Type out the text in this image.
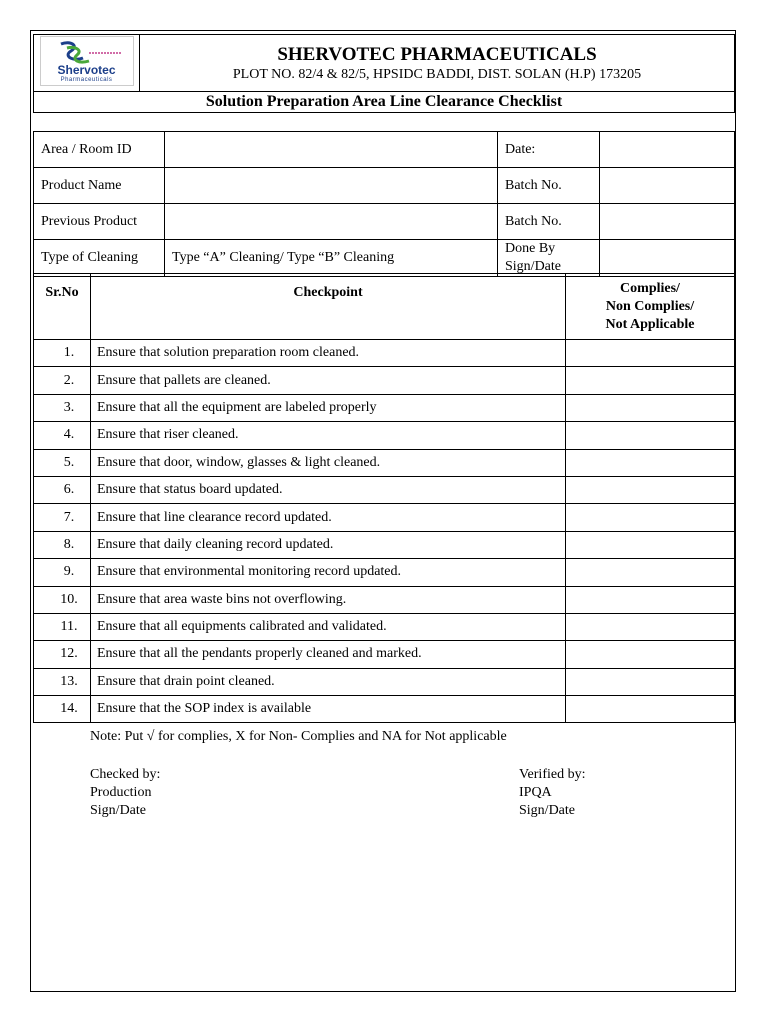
Shervotec
Pharmaceuticals

SHERVOTEC PHARMACEUTICALS
PLOT NO. 82/4 & 82/5, HPSIDC BADDI, DIST. SOLAN (H.P) 173205

Solution Preparation Area Line Clearance Checklist
Area / Room ID		Date:	
Product Name		Batch No.	
Previous Product		Batch No.	
Type of Cleaning	Type “A” Cleaning/ Type “B” Cleaning	Done By
Sign/Date	

Sr.No	Checkpoint	Complies/
Non Complies/
Not Applicable

1.	Ensure that solution preparation room cleaned.	
2.	Ensure that pallets are cleaned.	
3.	Ensure that all the equipment are labeled properly	
4.	Ensure that riser cleaned.	
5.	Ensure that door, window, glasses & light cleaned.	
6.	Ensure that status board updated.	
7.	Ensure that line clearance record updated.	
8.	Ensure that daily cleaning record updated.	
9.	Ensure that environmental monitoring record updated.	
10.	Ensure that area waste bins not overflowing.	
11.	Ensure that all equipments calibrated and validated.	
12.	Ensure that all the pendants properly cleaned and marked.	
13.	Ensure that drain point cleaned.	
14.	Ensure that the SOP index is available	
Note: Put √ for complies, X for Non- Complies and NA for Not applicable
Checked by:
Production
Sign/Date
Verified by:
IPQA
Sign/Date
